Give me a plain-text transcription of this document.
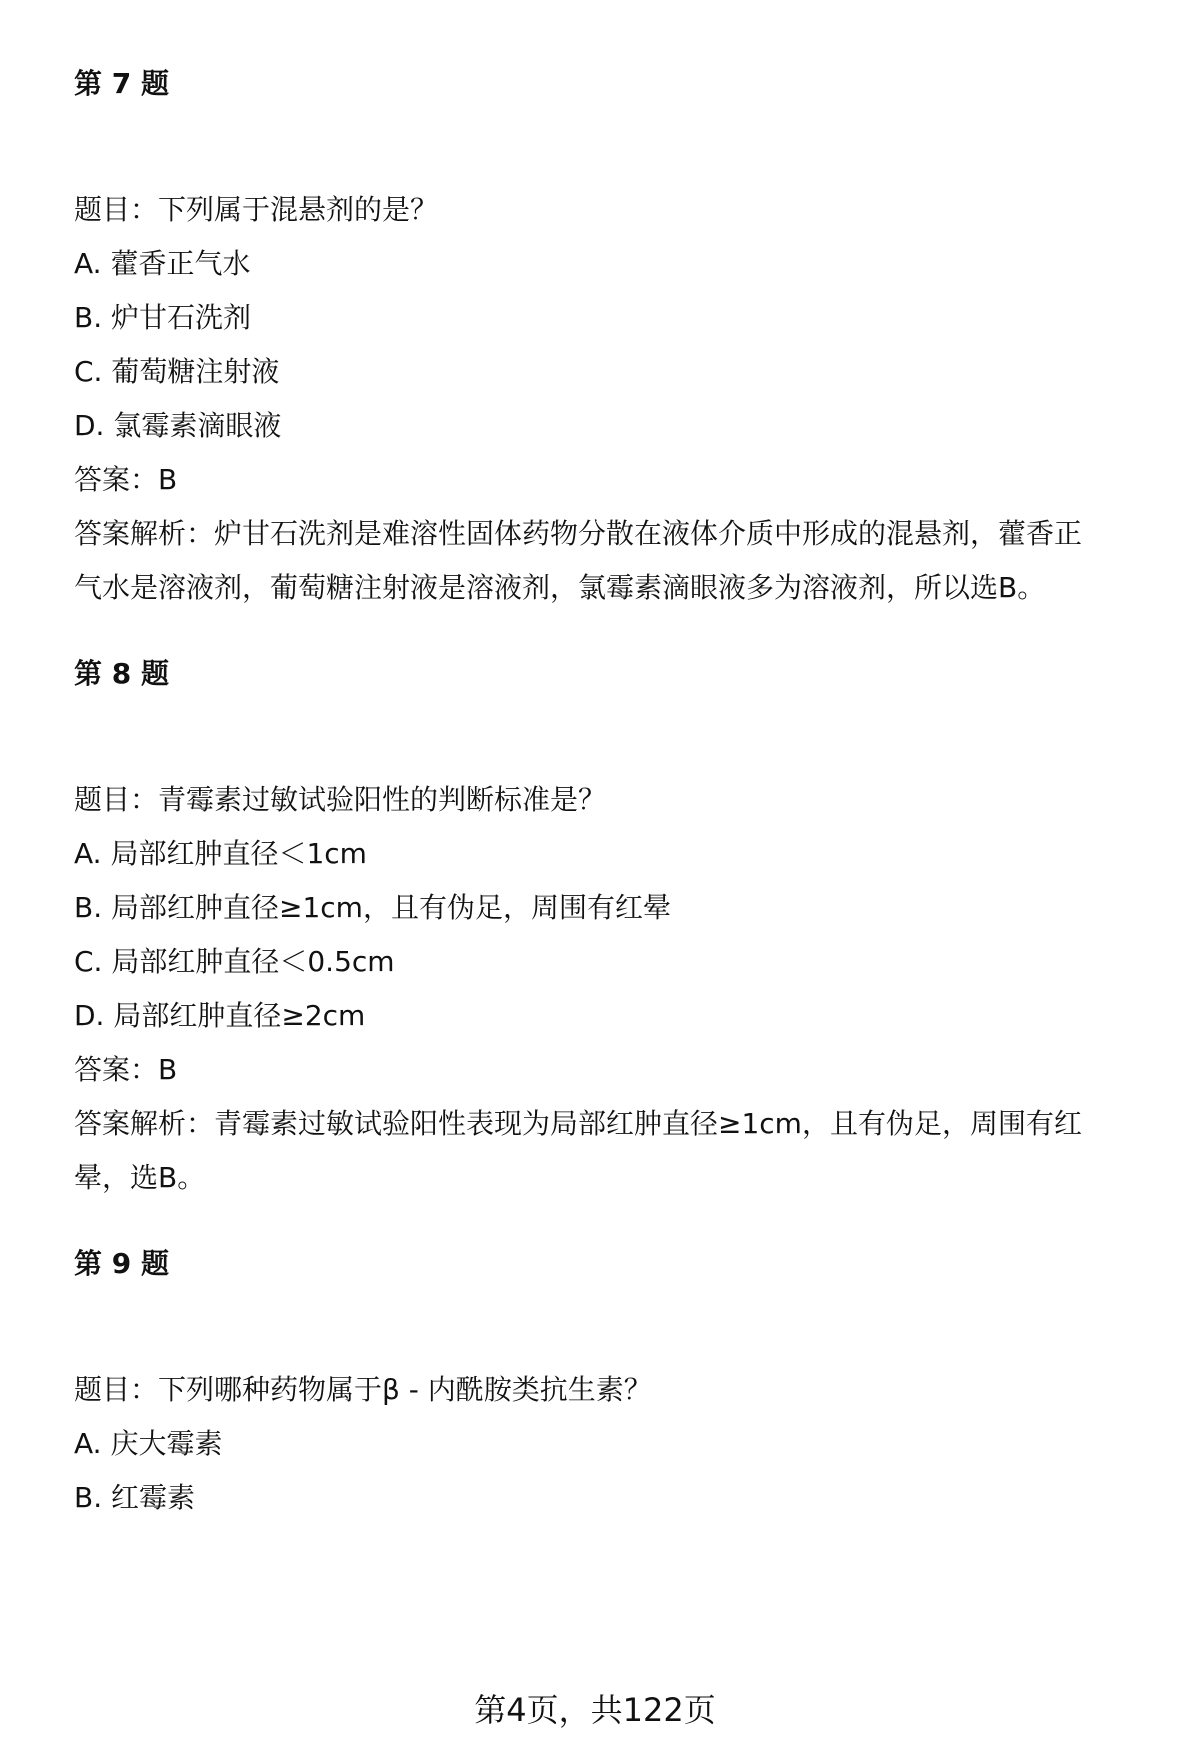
第 7 题
题目：下列属于混悬剂的是？
A. 藿香正气水
B. 炉甘石洗剂
C. 葡萄糖注射液
D. 氯霉素滴眼液
答案：B
答案解析：炉甘石洗剂是难溶性固体药物分散在液体介质中形成的混悬剂，藿香正
气水是溶液剂，葡萄糖注射液是溶液剂，氯霉素滴眼液多为溶液剂，所以选B。
第 8 题
题目：青霉素过敏试验阳性的判断标准是？
A. 局部红肿直径＜1cm
B. 局部红肿直径≥1cm，且有伪足，周围有红晕
C. 局部红肿直径＜0.5cm
D. 局部红肿直径≥2cm
答案：B
答案解析：青霉素过敏试验阳性表现为局部红肿直径≥1cm，且有伪足，周围有红
晕，选B。
第 9 题
题目：下列哪种药物属于β - 内酰胺类抗生素？
A. 庆大霉素
B. 红霉素
第4页，共122页
